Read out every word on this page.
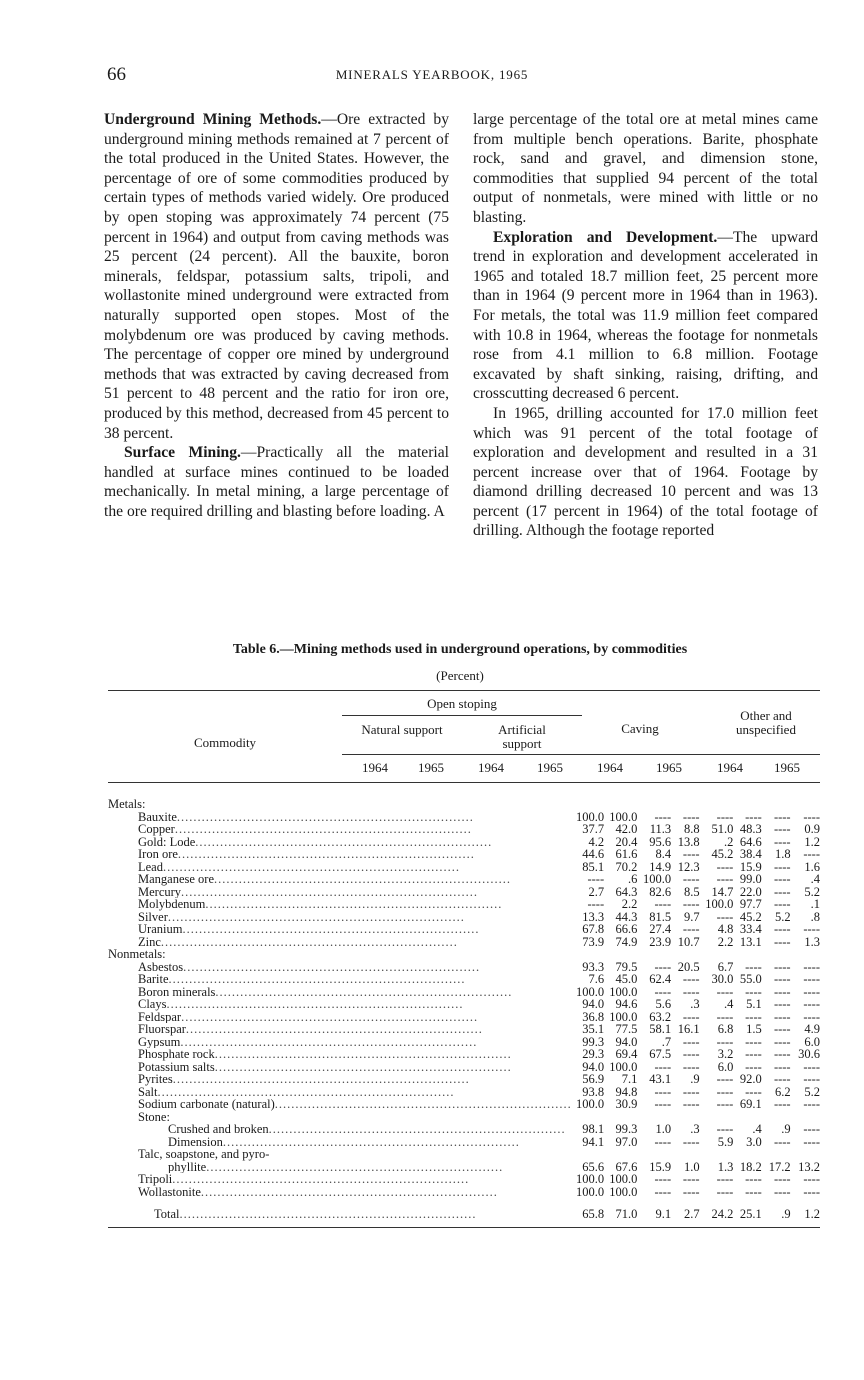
66	MINERALS YEARBOOK, 1965

Underground Mining Methods.—Ore extracted by underground mining methods remained at 7 percent of the total produced in the United States. However, the percentage of ore of some commodities produced by certain types of methods varied widely. Ore produced by open stoping was approximately 74 percent (75 percent in 1964) and output from caving methods was 25 percent (24 percent). All the bauxite, boron minerals, feldspar, potassium salts, tripoli, and wollastonite mined underground were extracted from naturally supported open stopes. Most of the molybdenum ore was produced by caving methods. The percentage of copper ore mined by underground methods that was extracted by caving decreased from 51 percent to 48 percent and the ratio for iron ore, produced by this method, decreased from 45 percent to 38 percent.

Surface Mining.—Practically all the material handled at surface mines continued to be loaded mechanically. In metal mining, a large percentage of the ore required drilling and blasting before loading. A

large percentage of the total ore at metal mines came from multiple bench operations. Barite, phosphate rock, sand and gravel, and dimension stone, commodities that supplied 94 percent of the total output of nonmetals, were mined with little or no blasting.

Exploration and Development.—The upward trend in exploration and development accelerated in 1965 and totaled 18.7 million feet, 25 percent more than in 1964 (9 percent more in 1964 than in 1963). For metals, the total was 11.9 million feet compared with 10.8 in 1964, whereas the footage for nonmetals rose from 4.1 million to 6.8 million. Footage excavated by shaft sinking, raising, drifting, and crosscutting decreased 6 percent.

In 1965, drilling accounted for 17.0 million feet which was 91 percent of the total footage of exploration and development and resulted in a 31 percent increase over that of 1964. Footage by diamond drilling decreased 10 percent and was 13 percent (17 percent in 1964) of the total footage of drilling. Although the footage reported

Table 6.—Mining methods used in underground operations, by commodities
(Percent)
Open stoping
Natural support	Artificial support
Caving
Other and unspecified
Commodity
1964	1965	1964	1965	1964	1965	1964	1965
Metals:								
Bauxite.....	100.0	100.0	----	----	----	----	----	----
Copper.....	37.7	42.0	11.3	8.8	51.0	48.3	----	0.9
Gold: Lode.....	4.2	20.4	95.6	13.8	.2	64.6	----	1.2
Iron ore.....	44.6	61.6	8.4	----	45.2	38.4	1.8	----
Lead.....	85.1	70.2	14.9	12.3	----	15.9	----	1.6
Manganese ore.....	----	.6	100.0	----	----	99.0	----	.4
Mercury.....	2.7	64.3	82.6	8.5	14.7	22.0	----	5.2
Molybdenum.....	----	2.2	----	----	100.0	97.7	----	.1
Silver.....	13.3	44.3	81.5	9.7	----	45.2	5.2	.8
Uranium.....	67.8	66.6	27.4	----	4.8	33.4	----	----
Zinc.....	73.9	74.9	23.9	10.7	2.2	13.1	----	1.3
Nonmetals:								
Asbestos.....	93.3	79.5	----	20.5	6.7	----	----	----
Barite.....	7.6	45.0	62.4	----	30.0	55.0	----	----
Boron minerals.....	100.0	100.0	----	----	----	----	----	----
Clays.....	94.0	94.6	5.6	.3	.4	5.1	----	----
Feldspar.....	36.8	100.0	63.2	----	----	----	----	----
Fluorspar.....	35.1	77.5	58.1	16.1	6.8	1.5	----	4.9
Gypsum.....	99.3	94.0	.7	----	----	----	----	6.0
Phosphate rock.....	29.3	69.4	67.5	----	3.2	----	----	30.6
Potassium salts.....	94.0	100.0	----	----	6.0	----	----	----
Pyrites.....	56.9	7.1	43.1	.9	----	92.0	----	----
Salt.....	93.8	94.8	----	----	----	----	6.2	5.2
Sodium carbonate (natural).....	100.0	30.9	----	----	----	69.1	----	----
Stone:								
Crushed and broken.....	98.1	99.3	1.0	.3	----	.4	.9	----
Dimension.....	94.1	97.0	----	----	5.9	3.0	----	----
Talc, soapstone, and pyro-								
phyllite.....	65.6	67.6	15.9	1.0	1.3	18.2	17.2	13.2
Tripoli.....	100.0	100.0	----	----	----	----	----	----
Wollastonite.....	100.0	100.0	----	----	----	----	----	----
Total.....	65.8	71.0	9.1	2.7	24.2	25.1	.9	1.2
